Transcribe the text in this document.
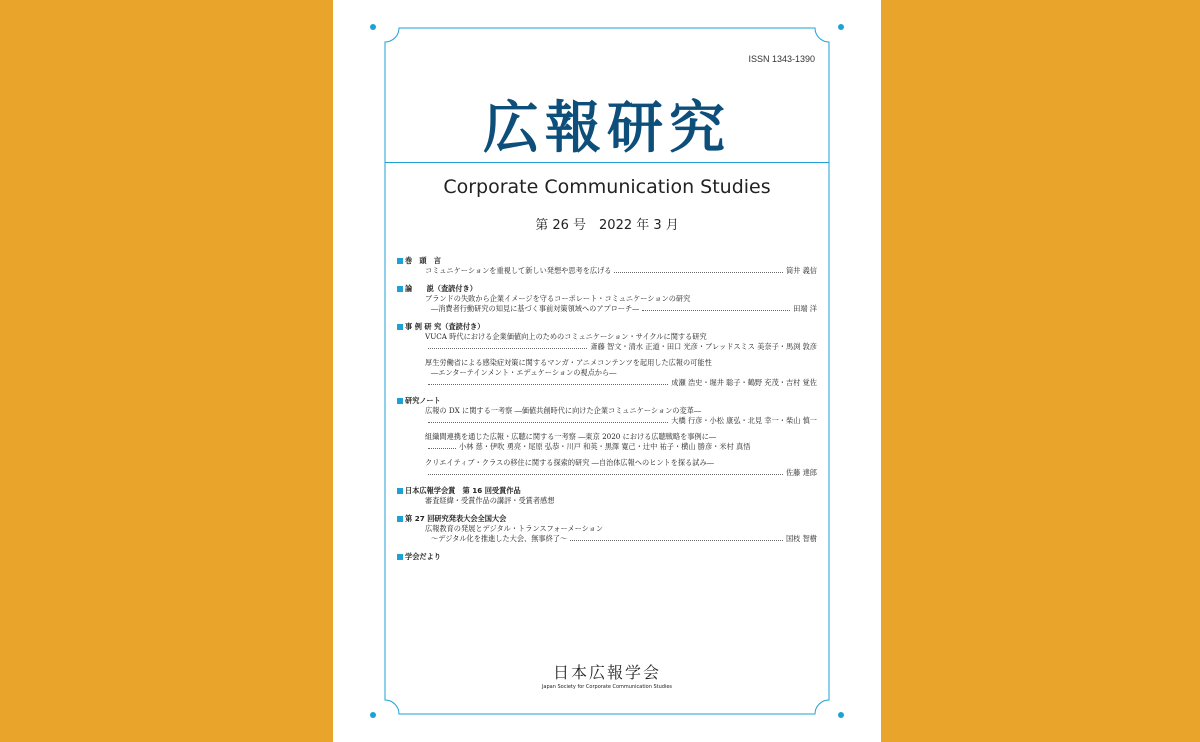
ISSN 1343-1390
広報研究
Corporate Communication Studies
第 26 号　2022 年 3 月
巻　頭　言
コミュニケーションを重視して新しい発想や思考を広げる	筒井 義信
論　　説（査読付き）
ブランドの失敗から企業イメージを守るコーポレート・コミュニケーションの研究
―消費者行動研究の知見に基づく事前対策領域へのアプローチ―	田端 洋
事 例 研 究（査読付き）
VUCA 時代における企業価値向上のためのコミュニケーション・サイクルに関する研究
斎藤 智文・清水 正道・田口 光彦・ブレッドスミス 美奈子・馬渕 敦彦
厚生労働省による感染症対策に関するマンガ・アニメコンテンツを起用した広報の可能性
―エンターテインメント・エデュケーションの視点から―
成瀬 浩史・堀井 聡子・鶴野 充茂・吉村 覚佐
研究ノート
広報の DX に関する一考察 ―価値共創時代に向けた企業コミュニケーションの変革―
大橋 行彦・小松 康弘・北見 幸一・柴山 慎一
組織間連携を通じた広報・広聴に関する一考察 ―東京 2020 における広聴戦略を事例に―
小林 慈・伊吹 勇亮・尾原 弘恭・川戸 和英・黒澤 寛己・辻中 祐子・横山 勝彦・米村 真悟
クリエイティブ・クラスの移住に関する探索的研究 ―自治体広報へのヒントを探る試み―
佐藤 達郎
日本広報学会賞　第 16 回受賞作品
審査経緯・受賞作品の講評・受賞者感想
第 27 回研究発表大会全国大会
広報教育の発展とデジタル・トランスフォーメーション
～デジタル化を推進した大会、無事終了～	国枝 智樹
学会だより
日本広報学会
Japan Society for Corporate Communication Studies
